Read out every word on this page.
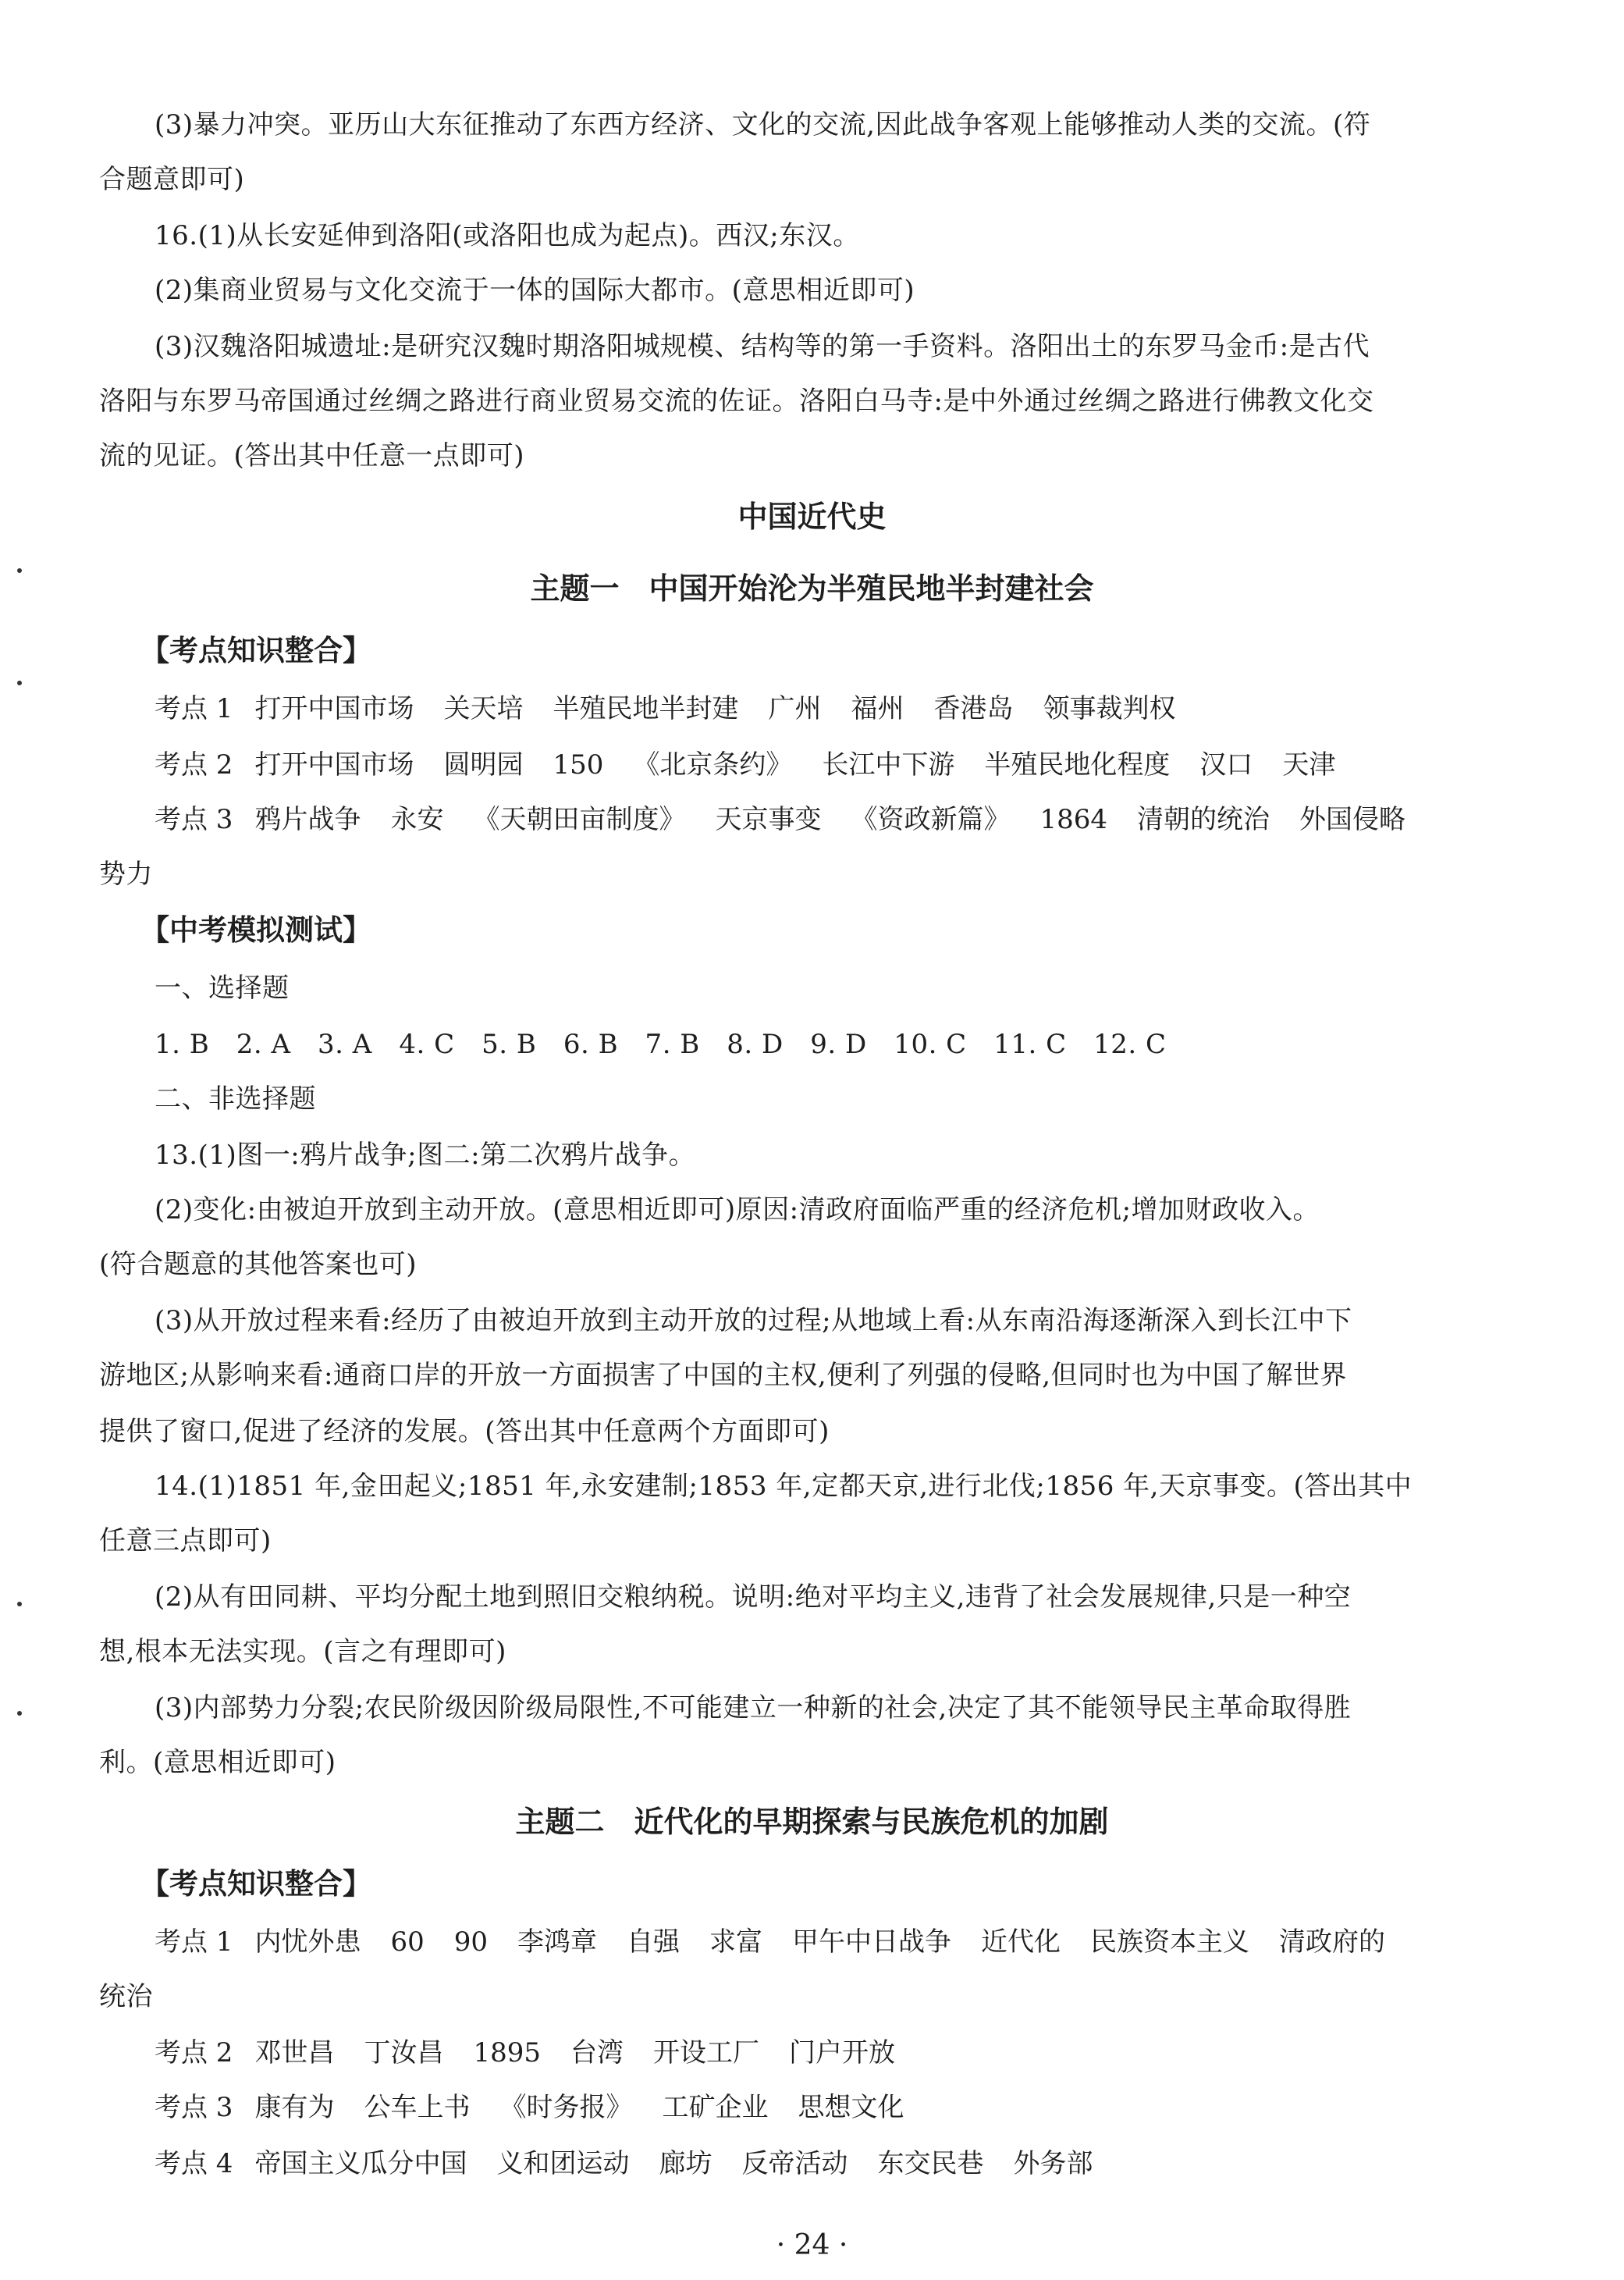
(3)暴力冲突。亚历山大东征推动了东西方经济、文化的交流,因此战争客观上能够推动人类的交流。(符
合题意即可)
16.(1)从长安延伸到洛阳(或洛阳也成为起点)。西汉;东汉。
(2)集商业贸易与文化交流于一体的国际大都市。(意思相近即可)
(3)汉魏洛阳城遗址:是研究汉魏时期洛阳城规模、结构等的第一手资料。洛阳出土的东罗马金币:是古代
洛阳与东罗马帝国通过丝绸之路进行商业贸易交流的佐证。洛阳白马寺:是中外通过丝绸之路进行佛教文化交
流的见证。(答出其中任意一点即可)
中国近代史
主题一　中国开始沦为半殖民地半封建社会
【考点知识整合】
考点 1 打开中国市场 关天培 半殖民地半封建 广州 福州 香港岛 领事裁判权
考点 2 打开中国市场 圆明园 150 《北京条约》 长江中下游 半殖民地化程度 汉口 天津
考点 3 鸦片战争 永安 《天朝田亩制度》 天京事变 《资政新篇》 1864 清朝的统治 外国侵略
势力
【中考模拟测试】
一、选择题
1. B　2. A　3. A　4. C　5. B　6. B　7. B　8. D　9. D　10. C　11. C　12. C
二、非选择题
13.(1)图一:鸦片战争;图二:第二次鸦片战争。
(2)变化:由被迫开放到主动开放。(意思相近即可)原因:清政府面临严重的经济危机;增加财政收入。
(符合题意的其他答案也可)
(3)从开放过程来看:经历了由被迫开放到主动开放的过程;从地域上看:从东南沿海逐渐深入到长江中下
游地区;从影响来看:通商口岸的开放一方面损害了中国的主权,便利了列强的侵略,但同时也为中国了解世界
提供了窗口,促进了经济的发展。(答出其中任意两个方面即可)
14.(1)1851 年,金田起义;1851 年,永安建制;1853 年,定都天京,进行北伐;1856 年,天京事变。(答出其中
任意三点即可)
(2)从有田同耕、平均分配土地到照旧交粮纳税。说明:绝对平均主义,违背了社会发展规律,只是一种空
想,根本无法实现。(言之有理即可)
(3)内部势力分裂;农民阶级因阶级局限性,不可能建立一种新的社会,决定了其不能领导民主革命取得胜
利。(意思相近即可)
主题二　近代化的早期探索与民族危机的加剧
【考点知识整合】
考点 1 内忧外患 60 90 李鸿章 自强 求富 甲午中日战争 近代化 民族资本主义 清政府的
统治
考点 2 邓世昌 丁汝昌 1895 台湾 开设工厂 门户开放
考点 3 康有为 公车上书 《时务报》 工矿企业 思想文化
考点 4 帝国主义瓜分中国 义和团运动 廊坊 反帝活动 东交民巷 外务部
· 24 ·
